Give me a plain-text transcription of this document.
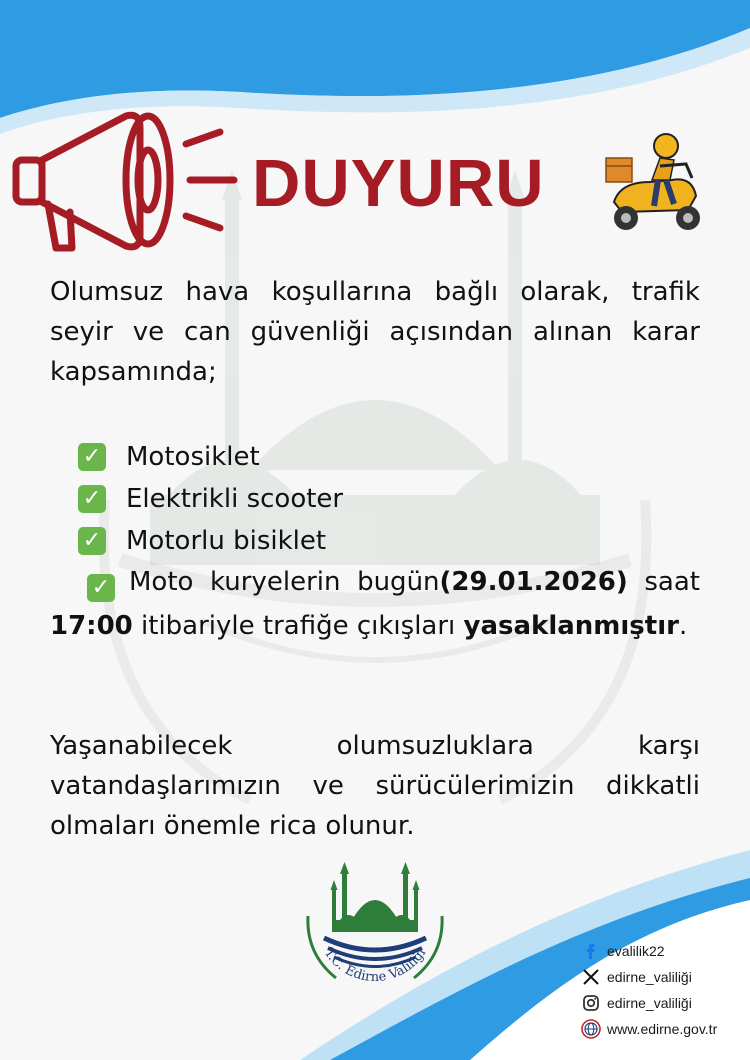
DUYURU

Olumsuz hava koşullarına bağlı olarak, trafik seyir ve can güvenliği açısından alınan karar kapsamında;

✓ Motosiklet
✓ Elektrikli scooter
✓ Motorlu bisiklet

✓ Moto kuryelerin bugün(29.01.2026) saat 17:00 itibariyle trafiğe çıkışları yasaklanmıştır.

Yaşanabilecek olumsuzluklara karşı vatandaşlarımızın ve sürücülerimizin dikkatli olmaları önemle rica olunur.

T.C. Edirne Valiliği	evalilik22
edirne_valiliği
edirne_valiliği
www.edirne.gov.tr
